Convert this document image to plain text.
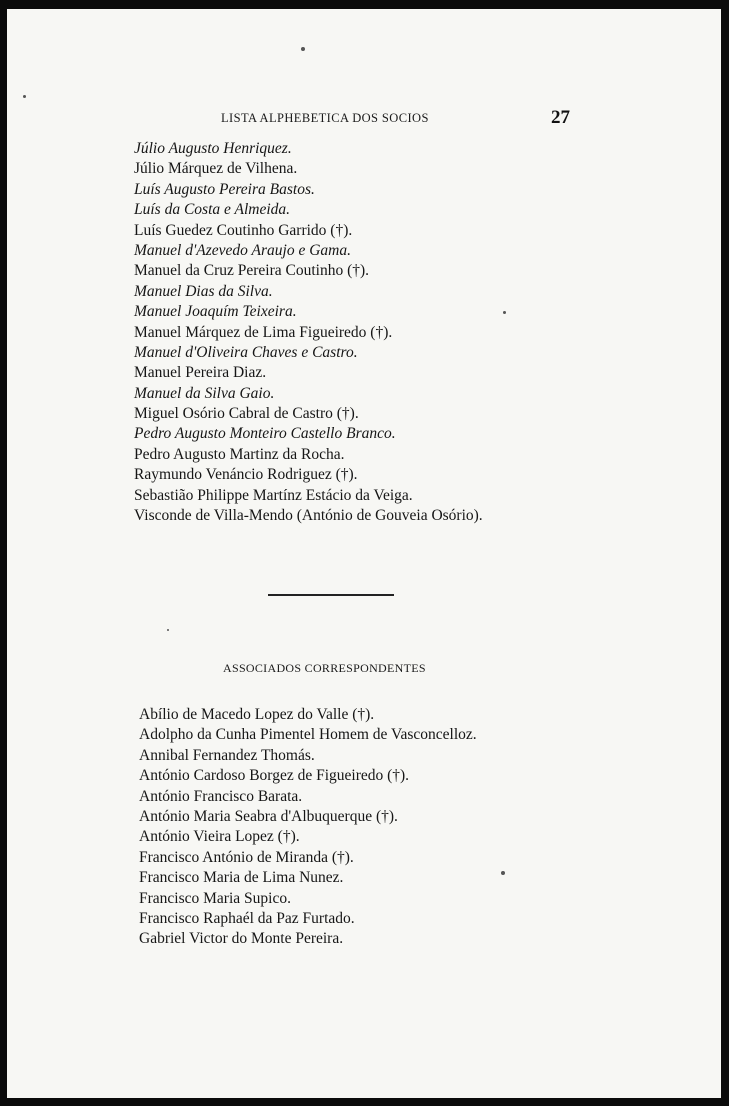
LISTA ALPHEBETICA DOS SOCIOS	27
Júlio Augusto Henriquez.
Júlio Márquez de Vilhena.
Luís Augusto Pereira Bastos.
Luís da Costa e Almeida.
Luís Guedez Coutinho Garrido (†).
Manuel d'Azevedo Araujo e Gama.
Manuel da Cruz Pereira Coutinho (†).
Manuel Dias da Silva.
Manuel Joaquím Teixeira.
Manuel Márquez de Lima Figueiredo (†).
Manuel d'Oliveira Chaves e Castro.
Manuel Pereira Diaz.
Manuel da Silva Gaio.
Miguel Osório Cabral de Castro (†).
Pedro Augusto Monteiro Castello Branco.
Pedro Augusto Martinz da Rocha.
Raymundo Venáncio Rodriguez (†).
Sebastião Philippe Martínz Estácio da Veiga.
Visconde de Villa-Mendo (António de Gouveia Osório).
ASSOCIADOS CORRESPONDENTES
Abílio de Macedo Lopez do Valle (†).
Adolpho da Cunha Pimentel Homem de Vasconcelloz.
Annibal Fernandez Thomás.
António Cardoso Borgez de Figueiredo (†).
António Francisco Barata.
António Maria Seabra d'Albuquerque (†).
António Vieira Lopez (†).
Francisco António de Miranda (†).
Francisco Maria de Lima Nunez.
Francisco Maria Supico.
Francisco Raphaél da Paz Furtado.
Gabriel Victor do Monte Pereira.
